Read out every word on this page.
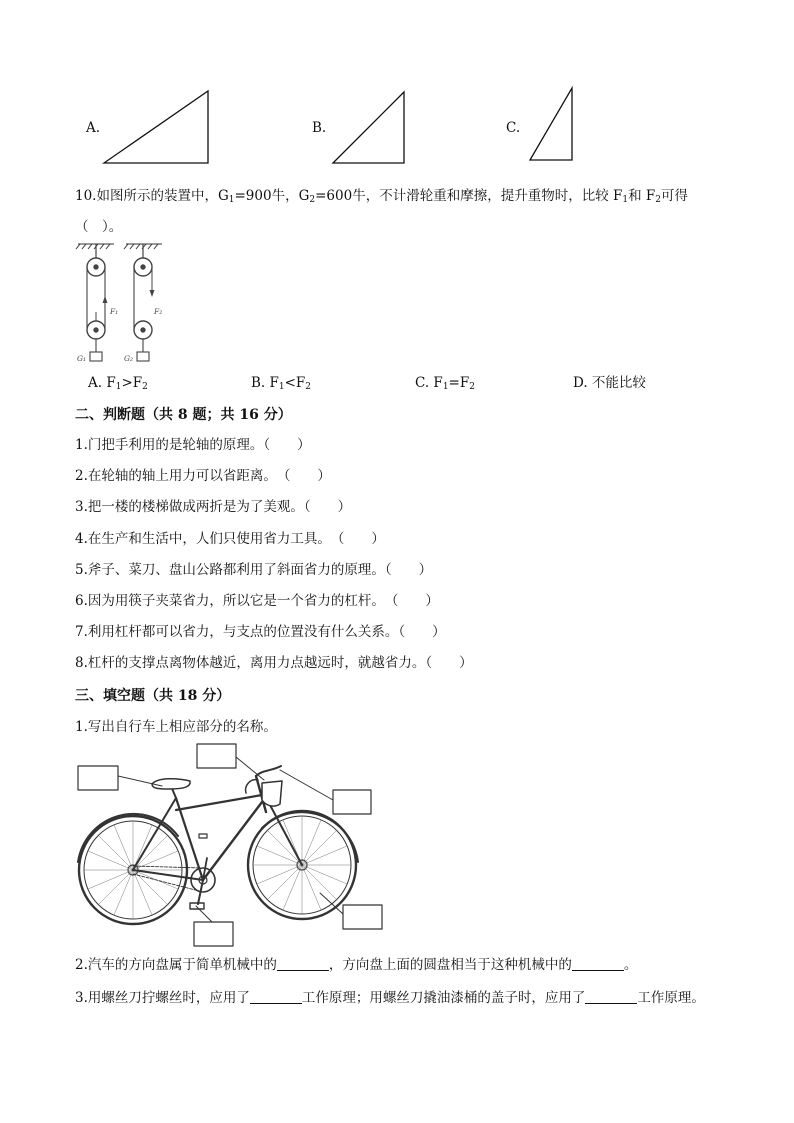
A.	B.	C.
10.如图所示的装置中，$G_1=900$牛，$G_2=600$牛，不计滑轮重和摩擦，提升重物时，比较 $F_1$和 $F_2$可得
（　）。
F₁
G₁
F₂
G₂
A. $F_1>F_2$	B. $F_1<F_2$	C. $F_1=F_2$	D. 不能比较
二、判断题（共 8 题；共 16 分）
1.门把手利用的是轮轴的原理。（　　）
2.在轮轴的轴上用力可以省距离。　（　　）
3.把一楼的楼梯做成两折是为了美观。（　　）
4.在生产和生活中，人们只使用省力工具。　（　　）
5.斧子、菜刀、盘山公路都利用了斜面省力的原理。（　　）
6.因为用筷子夹菜省力，所以它是一个省力的杠杆。　（　　）
7.利用杠杆都可以省力，与支点的位置没有什么关系。（　　）
8.杠杆的支撑点离物体越近，离用力点越远时，就越省力。（　　）
三、填空题（共 18 分）
1.写出自行车上相应部分的名称。
2.汽车的方向盘属于简单机械中的	，方向盘上面的圆盘相当于这种机械中的	。
3.用螺丝刀拧螺丝时，应用了	工作原理；用螺丝刀撬油漆桶的盖子时，应用了	工作原理。
